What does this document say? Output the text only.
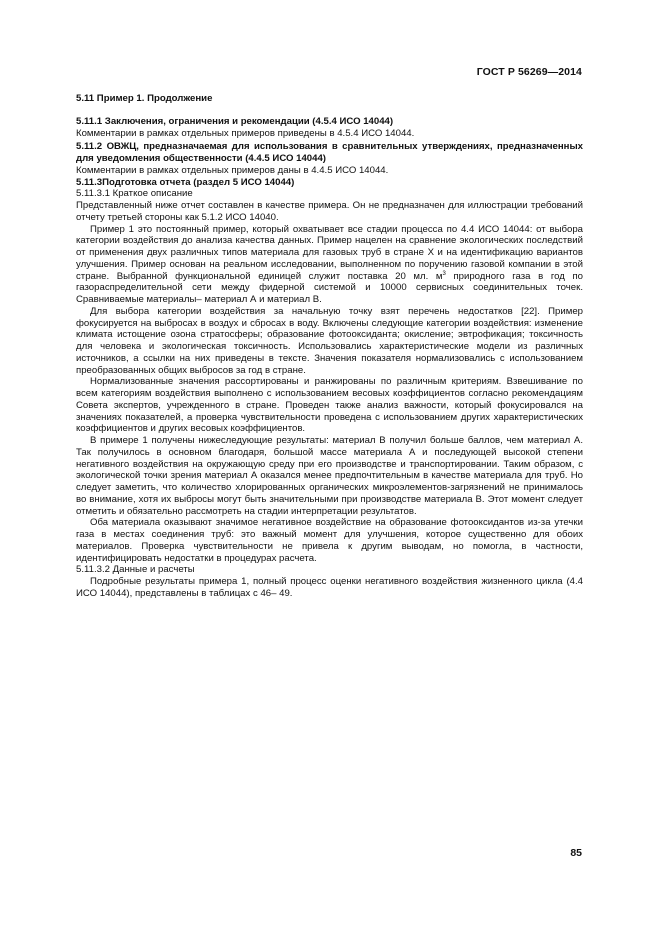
ГОСТ Р 56269—2014

5.11 Пример 1. Продолжение

5.11.1 Заключения, ограничения и рекомендации (4.5.4 ИСО 14044)

Комментарии в рамках отдельных примеров приведены в 4.5.4 ИСО 14044.

5.11.2 ОВЖЦ, предназначаемая для использования в сравнительных утверждениях, предназначенных для уведомления общественности (4.4.5 ИСО 14044)

Комментарии в рамках отдельных примеров даны в 4.4.5 ИСО 14044.

5.11.3Подготовка отчета (раздел 5 ИСО 14044)

5.11.3.1 Краткое описание

Представленный ниже отчет составлен в качестве примера. Он не предназначен для иллюстрации требований отчету третьей стороны как 5.1.2 ИСО 14040.

Пример 1 это постоянный пример, который охватывает все стадии процесса по 4.4 ИСО 14044: от выбора категории воздействия до анализа качества данных. Пример нацелен на сравнение экологических последствий от применения двух различных типов материала для газовых труб в стране X и на идентификацию вариантов улучшения. Пример основан на реальном исследовании, выполненном по поручению газовой компании в этой стране. Выбранной функциональной единицей служит поставка 20 мл. $м^3$ природного газа в год по газораспределительной сети между фидерной системой и 10000 сервисных соединительных точек. Сравниваемые материалы– материал А и материал В.

Для выбора категории воздействия за начальную точку взят перечень недостатков [22]. Пример фокусируется на выбросах в воздух и сбросах в воду. Включены следующие категории воздействия: изменение климата истощение озона стратосферы; образование фотооксиданта; окисление; эвтрофикация; токсичность для человека и экологическая токсичность. Использовались характеристические модели из различных источников, а ссылки на них приведены в тексте. Значения показателя нормализовались с использованием преобразованных общих выбросов за год в стране.

Нормализованные значения рассортированы и ранжированы по различным критериям. Взвешивание по всем категориям воздействия выполнено с использованием весовых коэффициентов согласно рекомендациям Совета экспертов, учрежденного в стране. Проведен также анализ важности, который фокусировался на значениях показателей, а проверка чувствительности проведена с использованием других характеристических коэффициентов и других весовых коэффициентов.

В примере 1 получены нижеследующие результаты: материал В получил больше баллов, чем материал А. Так получилось в основном благодаря, большой массе материала А и последующей высокой степени негативного воздействия на окружающую среду при его производстве и транспортировании. Таким образом, с экологической точки зрения материал А оказался менее предпочтительным в качестве материала для труб. Но следует заметить, что количество хлорированных органических микроэлементов-загрязнений не принималось во внимание, хотя их выбросы могут быть значительными при производстве материала В. Этот момент следует отметить и обязательно рассмотреть на стадии интерпретации результатов.

Оба материала оказывают значимое негативное воздействие на образование фотооксидантов из-за утечки газа в местах соединения труб: это важный момент для улучшения, которое существенно для обоих материалов. Проверка чувствительности не привела к другим выводам, но помогла, в частности, идентифицировать недостатки в процедурах расчета.

5.11.3.2 Данные и расчеты

Подробные результаты примера 1, полный процесс оценки негативного воздействия жизненного цикла (4.4 ИСО 14044), представлены в таблицах с 46– 49.

85
